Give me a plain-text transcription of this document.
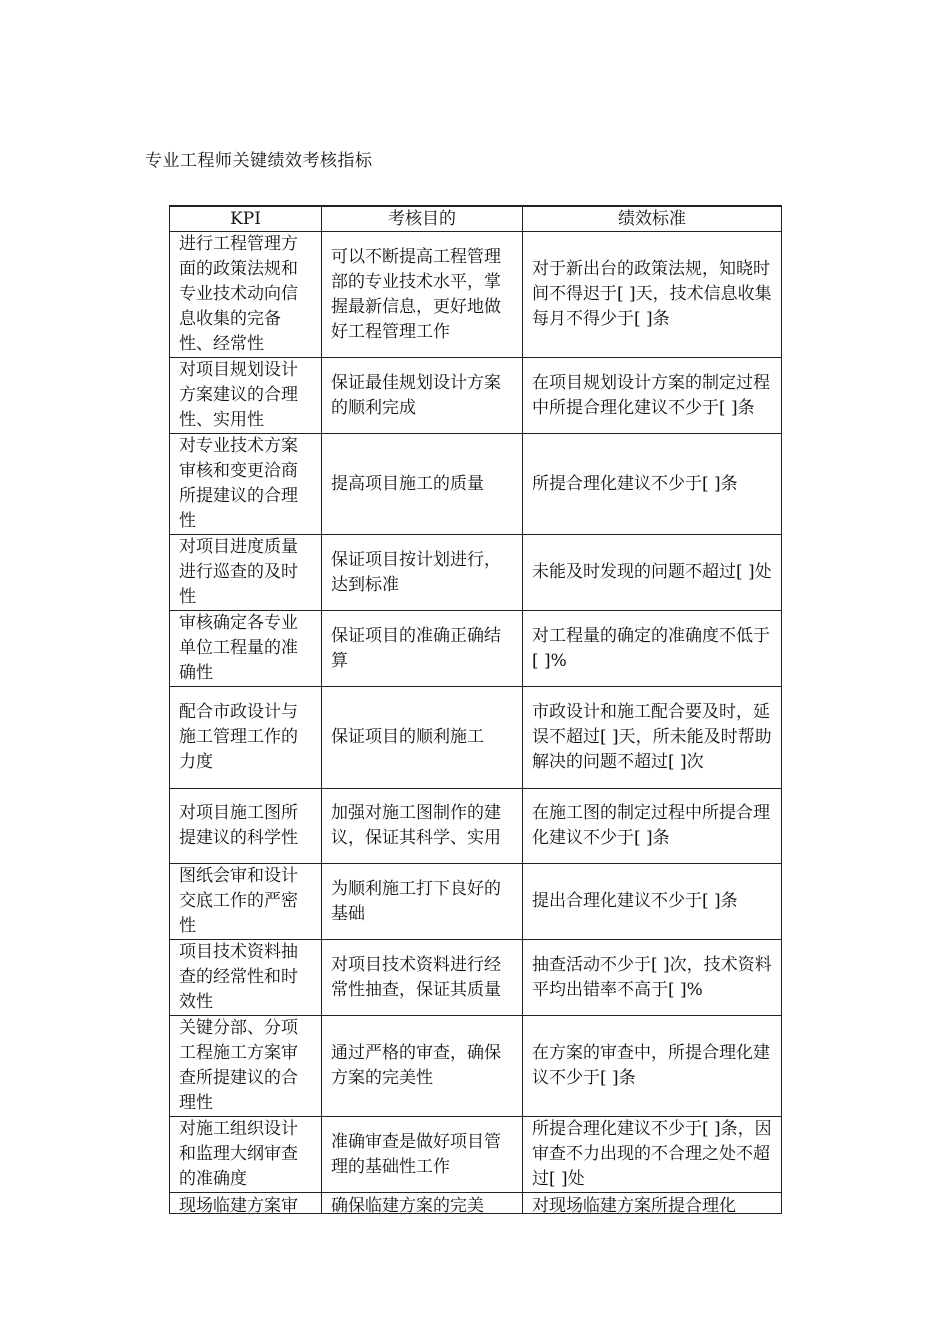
专业工程师关键绩效考核指标
KPI	考核目的	绩效标准
进行工程管理方面的政策法规和专业技术动向信息收集的完备性、经常性	可以不断提高工程管理部的专业技术水平，掌握最新信息，更好地做好工程管理工作	对于新出台的政策法规，知晓时间不得迟于[ ]天，技术信息收集每月不得少于[ ]条
对项目规划设计方案建议的合理性、实用性	保证最佳规划设计方案的顺利完成	在项目规划设计方案的制定过程中所提合理化建议不少于[ ]条
对专业技术方案审核和变更洽商所提建议的合理性	提高项目施工的质量	所提合理化建议不少于[ ]条
对项目进度质量进行巡查的及时性	保证项目按计划进行，达到标准	未能及时发现的问题不超过[ ]处
审核确定各专业单位工程量的准确性	保证项目的准确正确结算	对工程量的确定的准确度不低于[ ]%
配合市政设计与施工管理工作的力度	保证项目的顺利施工	市政设计和施工配合要及时，延误不超过[ ]天，所未能及时帮助解决的问题不超过[ ]次
对项目施工图所提建议的科学性	加强对施工图制作的建议，保证其科学、实用	在施工图的制定过程中所提合理化建议不少于[ ]条
图纸会审和设计交底工作的严密性	为顺利施工打下良好的基础	提出合理化建议不少于[ ]条
项目技术资料抽查的经常性和时效性	对项目技术资料进行经常性抽查，保证其质量	抽查活动不少于[ ]次，技术资料平均出错率不高于[ ]%
关键分部、分项工程施工方案审查所提建议的合理性	通过严格的审查，确保方案的完美性	在方案的审查中，所提合理化建议不少于[ ]条
对施工组织设计和监理大纲审查的准确度	准确审查是做好项目管理的基础性工作	所提合理化建议不少于[ ]条，因审查不力出现的不合理之处不超过[ ]处

现场临建方案审	确保临建方案的完美	对现场临建方案所提合理化
